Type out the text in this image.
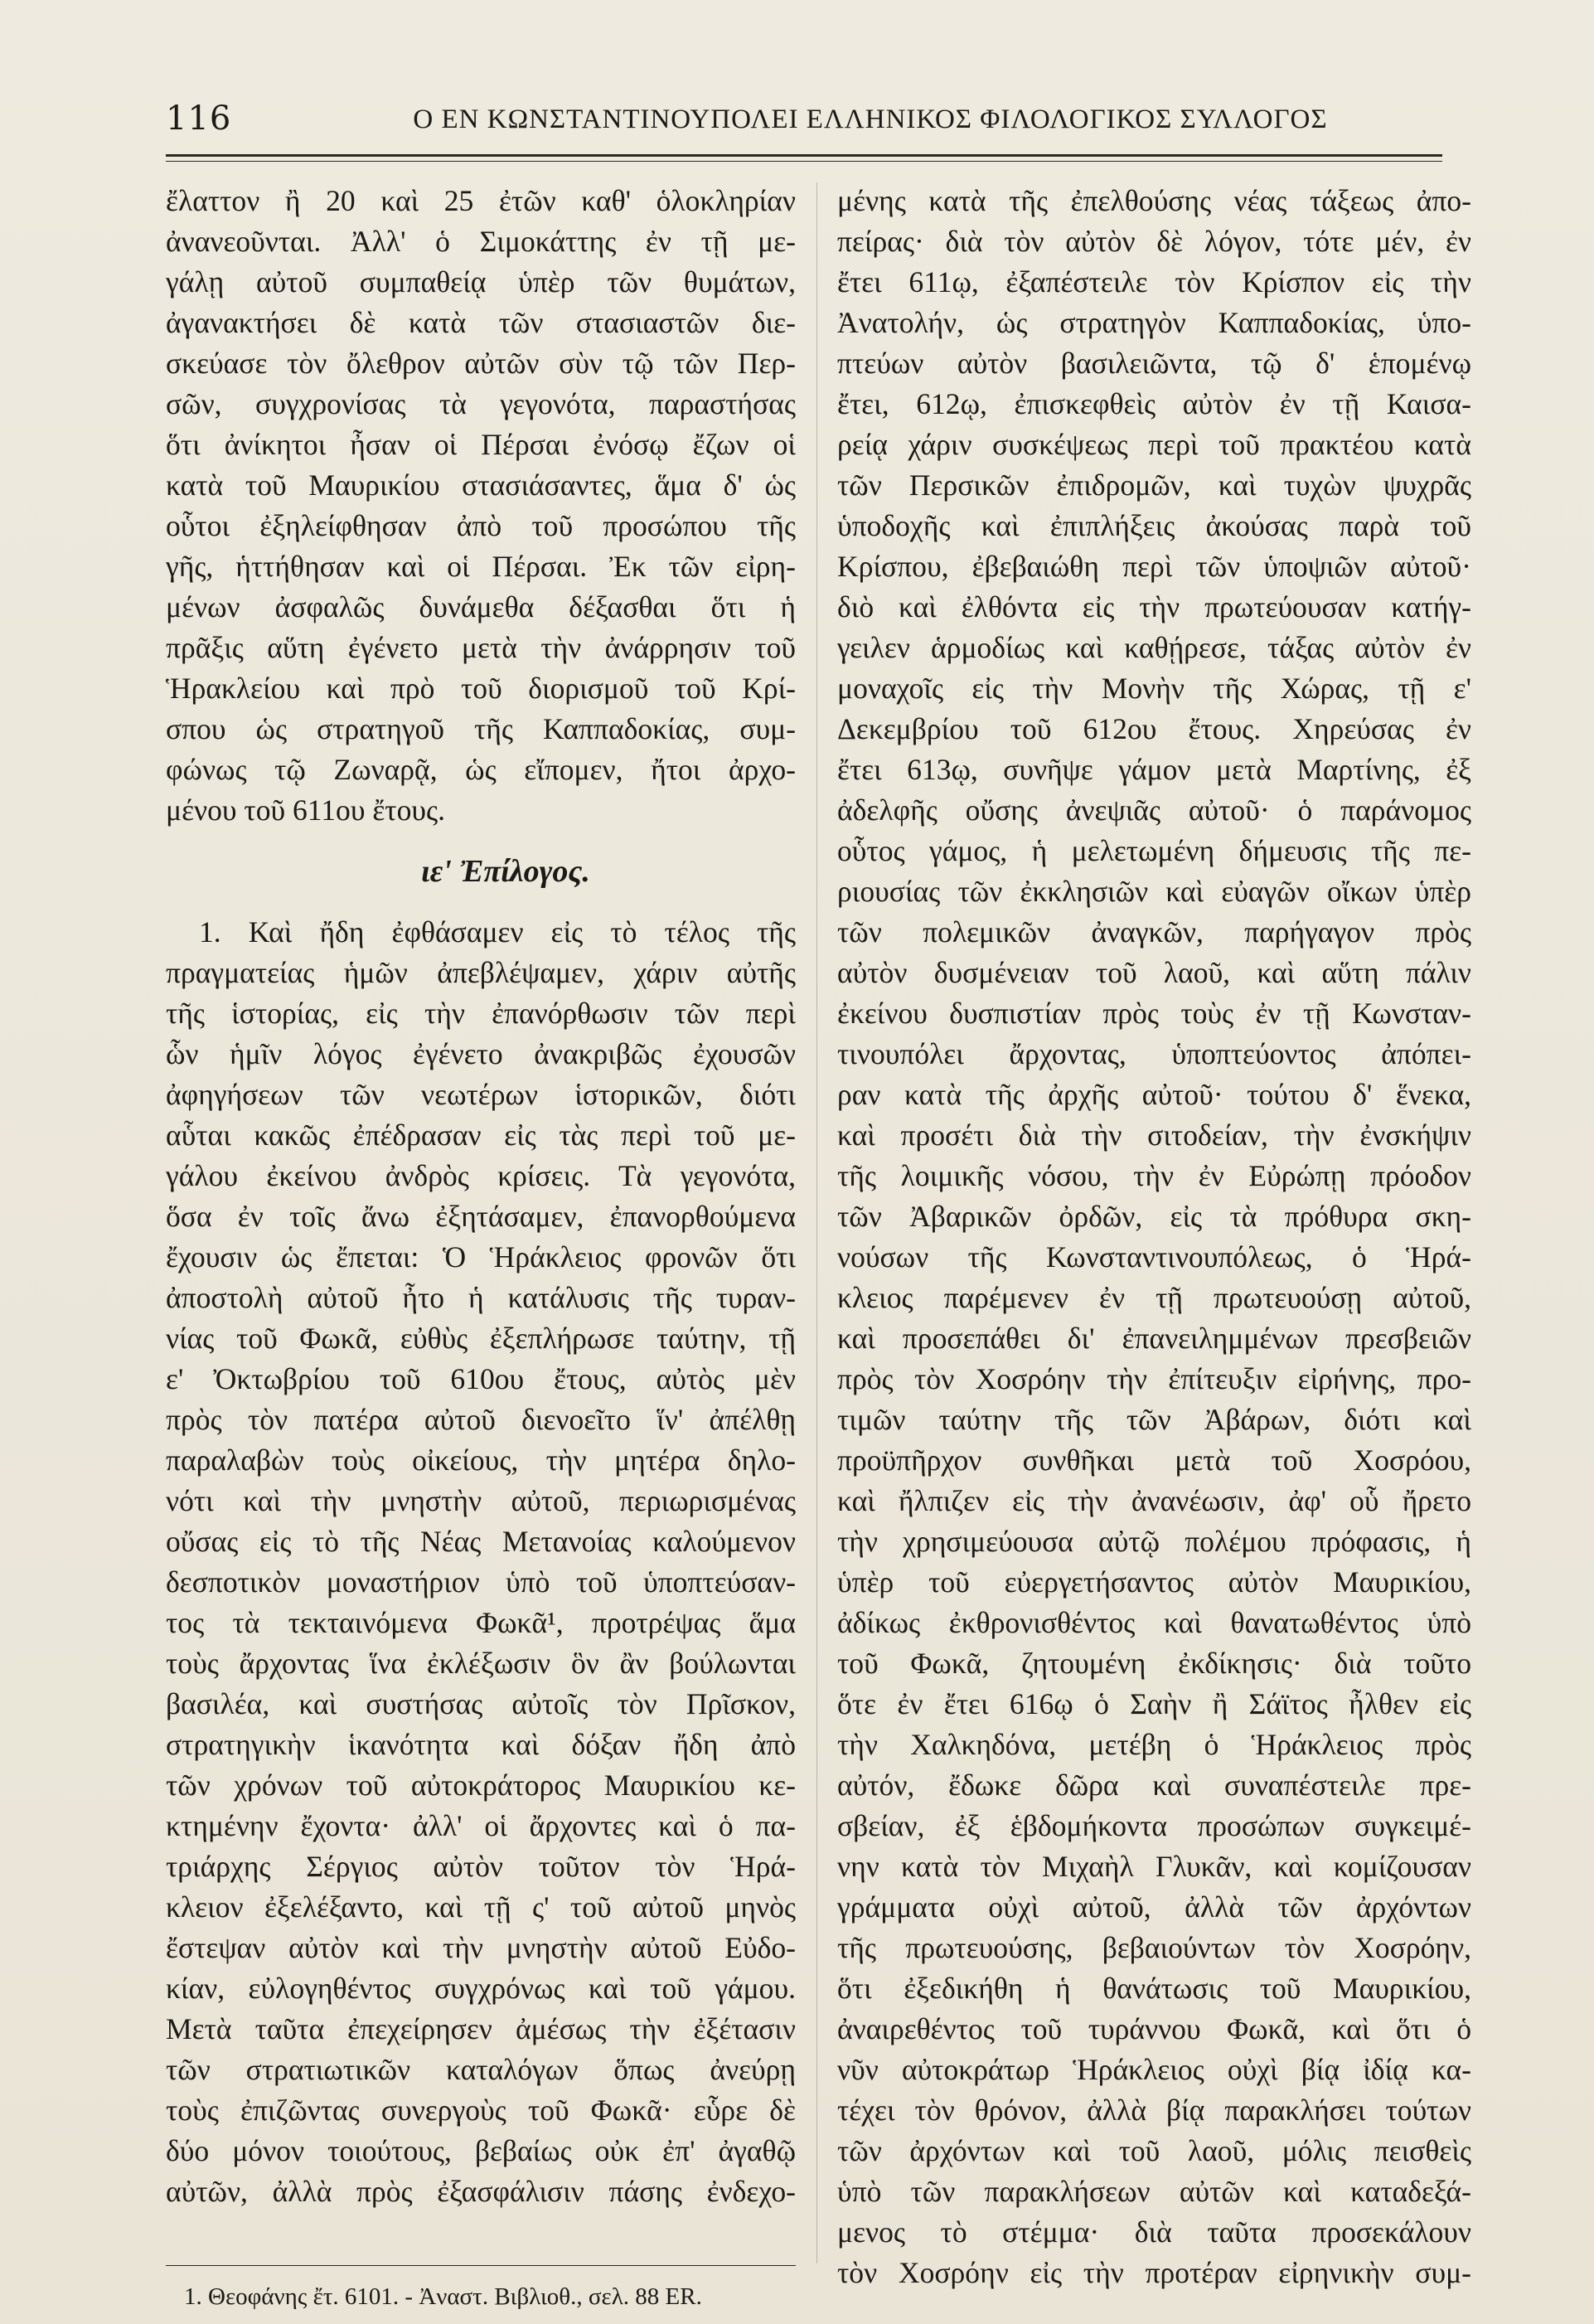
116	Ο ΕΝ ΚΩΝΣΤΑΝΤΙΝΟΥΠΟΛΕΙ ΕΛΛΗΝΙΚΟΣ ΦΙΛΟΛΟΓΙΚΟΣ ΣΥΛΛΟΓΟΣ
ἔλαττον ἢ 20 καὶ 25 ἐτῶν καθ' ὁλοκληρίαν
ἀνανεοῦνται. Ἀλλ' ὁ Σιμοκάττης ἐν τῇ με-
γάλῃ αὐτοῦ συμπαθείᾳ ὑπὲρ τῶν θυμάτων,
ἀγανακτήσει δὲ κατὰ τῶν στασιαστῶν διε-
σκεύασε τὸν ὄλεθρον αὐτῶν σὺν τῷ τῶν Περ-
σῶν, συγχρονίσας τὰ γεγονότα, παραστήσας
ὅτι ἀνίκητοι ἦσαν οἱ Πέρσαι ἐνόσῳ ἔζων οἱ
κατὰ τοῦ Μαυρικίου στασιάσαντες, ἅμα δ' ὡς
οὗτοι ἐξηλείφθησαν ἀπὸ τοῦ προσώπου τῆς
γῆς, ἡττήθησαν καὶ οἱ Πέρσαι. Ἐκ τῶν εἰρη-
μένων ἀσφαλῶς δυνάμεθα δέξασθαι ὅτι ἡ
πρᾶξις αὕτη ἐγένετο μετὰ τὴν ἀνάρρησιν τοῦ
Ἡρακλείου καὶ πρὸ τοῦ διορισμοῦ τοῦ Κρί-
σπου ὡς στρατηγοῦ τῆς Καππαδοκίας, συμ-
φώνως τῷ Ζωναρᾷ, ὡς εἴπομεν, ἤτοι ἀρχο-
μένου τοῦ 611ου ἔτους.
ιε' Ἐπίλογος.
1. Καὶ ἤδη ἐφθάσαμεν εἰς τὸ τέλος τῆς
πραγματείας ἡμῶν ἀπεβλέψαμεν, χάριν αὐτῆς
τῆς ἱστορίας, εἰς τὴν ἐπανόρθωσιν τῶν περὶ
ὧν ἡμῖν λόγος ἐγένετο ἀνακριβῶς ἐχουσῶν
ἀφηγήσεων τῶν νεωτέρων ἱστορικῶν, διότι
αὗται κακῶς ἐπέδρασαν εἰς τὰς περὶ τοῦ με-
γάλου ἐκείνου ἀνδρὸς κρίσεις. Τὰ γεγονότα,
ὅσα ἐν τοῖς ἄνω ἐξητάσαμεν, ἐπανορθούμενα
ἔχουσιν ὡς ἔπεται: Ὁ Ἡράκλειος φρονῶν ὅτι
ἀποστολὴ αὐτοῦ ἦτο ἡ κατάλυσις τῆς τυραν-
νίας τοῦ Φωκᾶ, εὐθὺς ἐξεπλήρωσε ταύτην, τῇ
ε' Ὀκτωβρίου τοῦ 610ου ἔτους, αὐτὸς μὲν
πρὸς τὸν πατέρα αὐτοῦ διενοεῖτο ἵν' ἀπέλθῃ
παραλαβὼν τοὺς οἰκείους, τὴν μητέρα δηλο-
νότι καὶ τὴν μνηστὴν αὐτοῦ, περιωρισμένας
οὔσας εἰς τὸ τῆς Νέας Μετανοίας καλούμενον
δεσποτικὸν μοναστήριον ὑπὸ τοῦ ὑποπτεύσαν-
τος τὰ τεκταινόμενα Φωκᾶ¹, προτρέψας ἅμα
τοὺς ἄρχοντας ἵνα ἐκλέξωσιν ὃν ἂν βούλωνται
βασιλέα, καὶ συστήσας αὐτοῖς τὸν Πρῖσκον,
στρατηγικὴν ἱκανότητα καὶ δόξαν ἤδη ἀπὸ
τῶν χρόνων τοῦ αὐτοκράτορος Μαυρικίου κε-
κτημένην ἔχοντα· ἀλλ' οἱ ἄρχοντες καὶ ὁ πα-
τριάρχης Σέργιος αὐτὸν τοῦτον τὸν Ἡρά-
κλειον ἐξελέξαντο, καὶ τῇ ς' τοῦ αὐτοῦ μηνὸς
ἔστεψαν αὐτὸν καὶ τὴν μνηστὴν αὐτοῦ Εὐδο-
κίαν, εὐλογηθέντος συγχρόνως καὶ τοῦ γάμου.
Μετὰ ταῦτα ἐπεχείρησεν ἀμέσως τὴν ἐξέτασιν
τῶν στρατιωτικῶν καταλόγων ὅπως ἀνεύρῃ
τοὺς ἐπιζῶντας συνεργοὺς τοῦ Φωκᾶ· εὗρε δὲ
δύο μόνον τοιούτους, βεβαίως οὐκ ἐπ' ἀγαθῷ
αὐτῶν, ἀλλὰ πρὸς ἐξασφάλισιν πάσης ἐνδεχο-
μένης κατὰ τῆς ἐπελθούσης νέας τάξεως ἀπο-
πείρας· διὰ τὸν αὐτὸν δὲ λόγον, τότε μέν, ἐν
ἔτει 611ῳ, ἐξαπέστειλε τὸν Κρίσπον εἰς τὴν
Ἀνατολήν, ὡς στρατηγὸν Καππαδοκίας, ὑπο-
πτεύων αὐτὸν βασιλειῶντα, τῷ δ' ἑπομένῳ
ἔτει, 612ῳ, ἐπισκεφθεὶς αὐτὸν ἐν τῇ Καισα-
ρείᾳ χάριν συσκέψεως περὶ τοῦ πρακτέου κατὰ
τῶν Περσικῶν ἐπιδρομῶν, καὶ τυχὼν ψυχρᾶς
ὑποδοχῆς καὶ ἐπιπλήξεις ἀκούσας παρὰ τοῦ
Κρίσπου, ἐβεβαιώθη περὶ τῶν ὑποψιῶν αὐτοῦ·
διὸ καὶ ἐλθόντα εἰς τὴν πρωτεύουσαν κατήγ-
γειλεν ἁρμοδίως καὶ καθῄρεσε, τάξας αὐτὸν ἐν
μοναχοῖς εἰς τὴν Μονὴν τῆς Χώρας, τῇ ε'
Δεκεμβρίου τοῦ 612ου ἔτους. Χηρεύσας ἐν
ἔτει 613ῳ, συνῆψε γάμον μετὰ Μαρτίνης, ἐξ
ἀδελφῆς οὔσης ἀνεψιᾶς αὐτοῦ· ὁ παράνομος
οὗτος γάμος, ἡ μελετωμένη δήμευσις τῆς πε-
ριουσίας τῶν ἐκκλησιῶν καὶ εὐαγῶν οἴκων ὑπὲρ
τῶν πολεμικῶν ἀναγκῶν, παρήγαγον πρὸς
αὐτὸν δυσμένειαν τοῦ λαοῦ, καὶ αὕτη πάλιν
ἐκείνου δυσπιστίαν πρὸς τοὺς ἐν τῇ Κωνσταν-
τινουπόλει ἄρχοντας, ὑποπτεύοντος ἀπόπει-
ραν κατὰ τῆς ἀρχῆς αὐτοῦ· τούτου δ' ἕνεκα,
καὶ προσέτι διὰ τὴν σιτοδείαν, τὴν ἐνσκήψιν
τῆς λοιμικῆς νόσου, τὴν ἐν Εὐρώπῃ πρόοδον
τῶν Ἀβαρικῶν ὀρδῶν, εἰς τὰ πρόθυρα σκη-
νούσων τῆς Κωνσταντινουπόλεως, ὁ Ἡρά-
κλειος παρέμενεν ἐν τῇ πρωτευούσῃ αὐτοῦ,
καὶ προσεπάθει δι' ἐπανειλημμένων πρεσβειῶν
πρὸς τὸν Χοσρόην τὴν ἐπίτευξιν εἰρήνης, προ-
τιμῶν ταύτην τῆς τῶν Ἀβάρων, διότι καὶ
προϋπῆρχον συνθῆκαι μετὰ τοῦ Χοσρόου,
καὶ ἤλπιζεν εἰς τὴν ἀνανέωσιν, ἀφ' οὗ ἤρετο
τὴν χρησιμεύουσα αὐτῷ πολέμου πρόφασις, ἡ
ὑπὲρ τοῦ εὐεργετήσαντος αὐτὸν Μαυρικίου,
ἀδίκως ἐκθρονισθέντος καὶ θανατωθέντος ὑπὸ
τοῦ Φωκᾶ, ζητουμένη ἐκδίκησις· διὰ τοῦτο
ὅτε ἐν ἔτει 616ῳ ὁ Σαὴν ἢ Σάϊτος ἦλθεν εἰς
τὴν Χαλκηδόνα, μετέβη ὁ Ἡράκλειος πρὸς
αὐτόν, ἔδωκε δῶρα καὶ συναπέστειλε πρε-
σβείαν, ἐξ ἑβδομήκοντα προσώπων συγκειμέ-
νην κατὰ τὸν Μιχαὴλ Γλυκᾶν, καὶ κομίζουσαν
γράμματα οὐχὶ αὐτοῦ, ἀλλὰ τῶν ἀρχόντων
τῆς πρωτευούσης, βεβαιούντων τὸν Χοσρόην,
ὅτι ἐξεδικήθη ἡ θανάτωσις τοῦ Μαυρικίου,
ἀναιρεθέντος τοῦ τυράννου Φωκᾶ, καὶ ὅτι ὁ
νῦν αὐτοκράτωρ Ἡράκλειος οὐχὶ βίᾳ ἰδίᾳ κα-
τέχει τὸν θρόνον, ἀλλὰ βίᾳ παρακλήσει τούτων
τῶν ἀρχόντων καὶ τοῦ λαοῦ, μόλις πεισθεὶς
ὑπὸ τῶν παρακλήσεων αὐτῶν καὶ καταδεξά-
μενος τὸ στέμμα· διὰ ταῦτα προσεκάλουν
τὸν Χοσρόην εἰς τὴν προτέραν εἰρηνικὴν συμ-
1. Θεοφάνης ἔτ. 6101. - Ἀναστ. Βιβλιοθ., σελ. 88 ER.
